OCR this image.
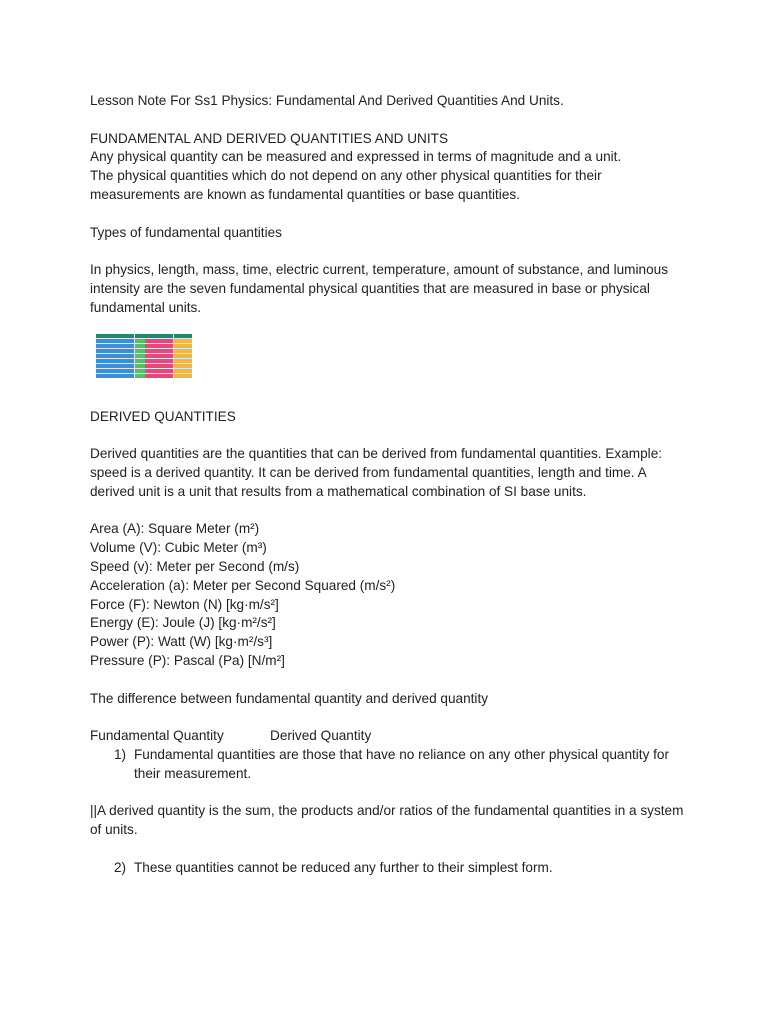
Lesson Note For Ss1 Physics: Fundamental And Derived Quantities And Units.

FUNDAMENTAL AND DERIVED QUANTITIES AND UNITS

Any physical quantity can be measured and expressed in terms of magnitude and a unit.

The physical quantities which do not depend on any other physical quantities for their measurements are known as fundamental quantities or base quantities.

Types of fundamental quantities

In physics, length, mass, time, electric current, temperature, amount of substance, and luminous intensity are the seven fundamental physical quantities that are measured in base or physical fundamental units.

DERIVED QUANTITIES

Derived quantities are the quantities that can be derived from fundamental quantities. Example: speed is a derived quantity. It can be derived from fundamental quantities, length and time. A derived unit is a unit that results from a mathematical combination of SI base units.

Area (A): Square Meter (m²)

Volume (V): Cubic Meter (m³)

Speed (v): Meter per Second (m/s)

Acceleration (a): Meter per Second Squared (m/s²)

Force (F): Newton (N) [kg·m/s²]

Energy (E): Joule (J) [kg·m²/s²]

Power (P): Watt (W) [kg·m²/s³]

Pressure (P): Pascal (Pa) [N/m²]

The difference between fundamental quantity and derived quantity

Fundamental Quantity	Derived Quantity

1) Fundamental quantities are those that have no reliance on any other physical quantity for their measurement.

||A derived quantity is the sum, the products and/or ratios of the fundamental quantities in a system of units.

2) These quantities cannot be reduced any further to their simplest form.
